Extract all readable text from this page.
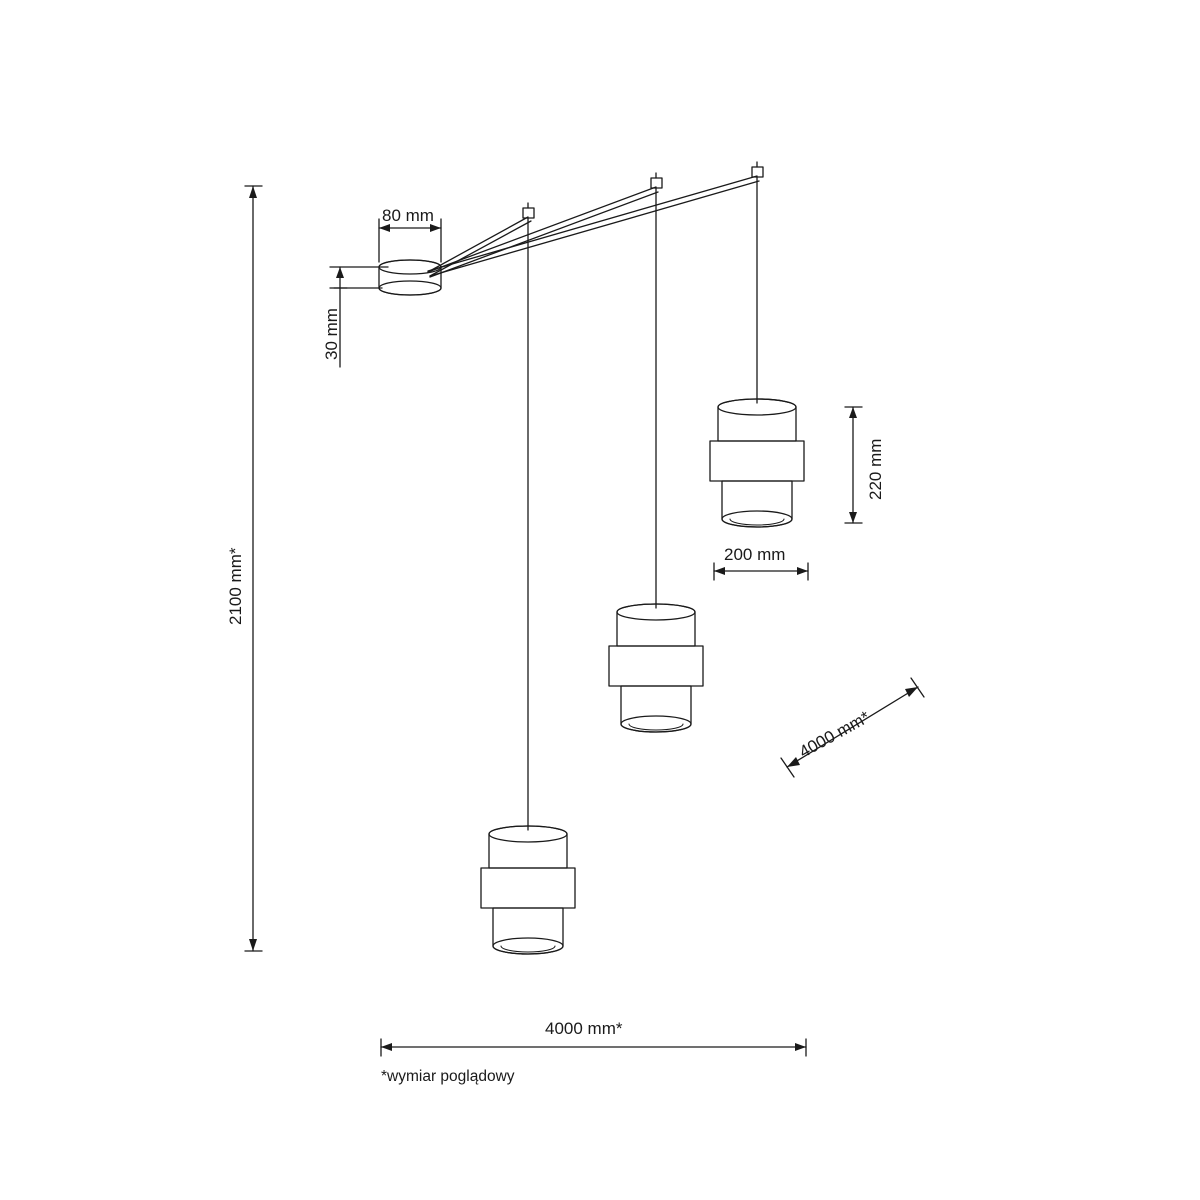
80 mm
30 mm
220 mm
200 mm
2100 mm*
4000 mm*
4000 mm*
*wymiar poglądowy
